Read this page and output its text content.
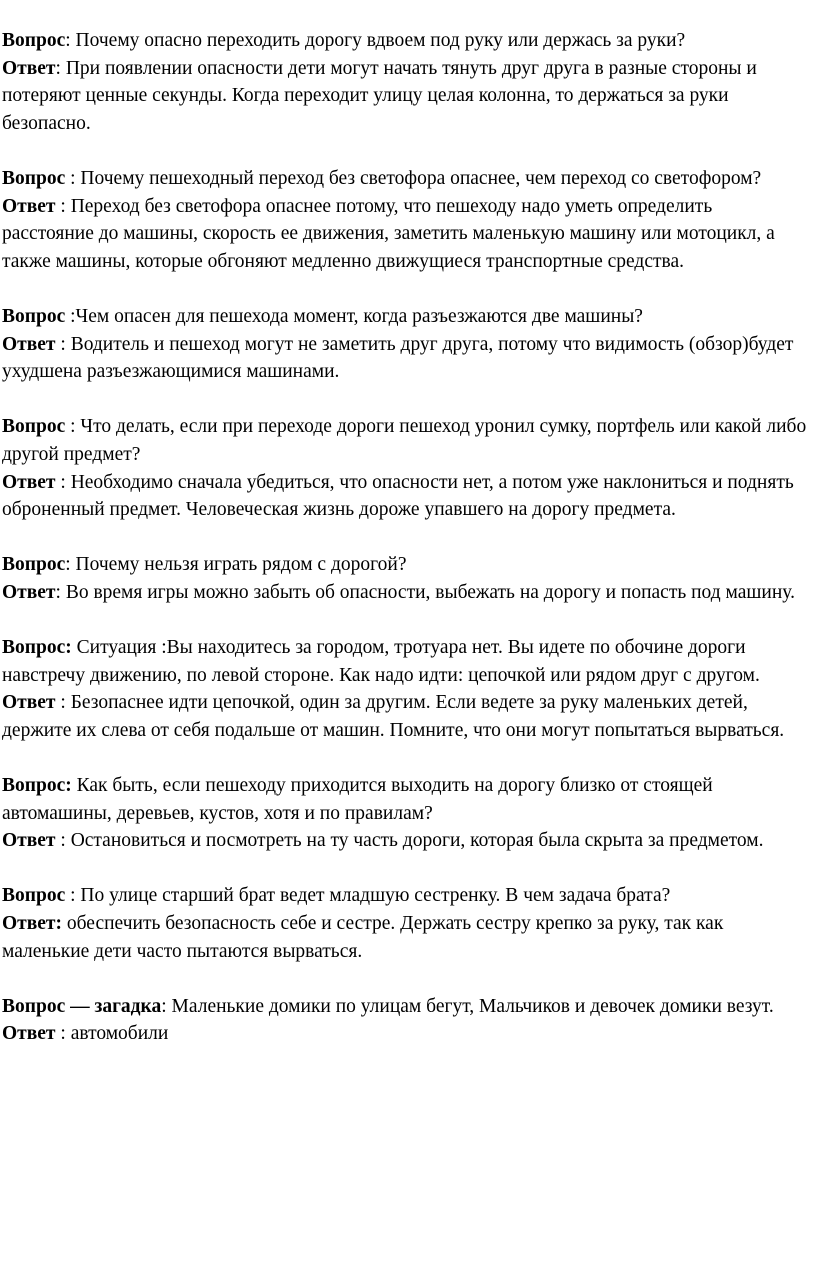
Вопрос: Почему опасно переходить дорогу вдвоем под руку или держась за руки?

Ответ: При появлении опасности дети могут начать тянуть друг друга в разные стороны и потеряют ценные секунды. Когда переходит улицу целая колонна, то держаться за руки безопасно.

Вопрос : Почему пешеходный переход без светофора опаснее, чем переход со светофором?

Ответ : Переход без светофора опаснее потому, что пешеходу надо уметь определить расстояние до машины, скорость ее движения, заметить маленькую машину или мотоцикл, а также машины, которые обгоняют медленно движущиеся транспортные средства.

Вопрос :Чем опасен для пешехода момент, когда разъезжаются две машины?

Ответ : Водитель и пешеход могут не заметить друг друга, потому что видимость (обзор)будет ухудшена разъезжающимися машинами.

Вопрос : Что делать, если при переходе дороги пешеход уронил сумку, портфель или какой либо другой предмет?

Ответ : Необходимо сначала убедиться, что опасности нет, а потом уже наклониться и поднять оброненный предмет. Человеческая жизнь дороже упавшего на дорогу предмета.

Вопрос: Почему нельзя играть рядом с дорогой?

Ответ: Во время игры можно забыть об опасности, выбежать на дорогу и попасть под машину.

Вопрос: Ситуация :Вы находитесь за городом, тротуара нет. Вы идете по обочине дороги навстречу движению, по левой стороне. Как надо идти: цепочкой или рядом друг с другом.

Ответ : Безопаснее идти цепочкой, один за другим. Если ведете за руку маленьких детей, держите их слева от себя подальше от машин. Помните, что они могут попытаться вырваться.

Вопрос: Как быть, если пешеходу приходится выходить на дорогу близко от стоящей автомашины, деревьев, кустов, хотя и по правилам?

Ответ : Остановиться и посмотреть на ту часть дороги, которая была скрыта за предметом.

Вопрос : По улице старший брат ведет младшую сестренку. В чем задача брата?

Ответ: обеспечить безопасность себе и сестре. Держать сестру крепко за руку, так как маленькие дети часто пытаются вырваться.

Вопрос — загадка: Маленькие домики по улицам бегут, Мальчиков и девочек домики везут.

Ответ : автомобили
